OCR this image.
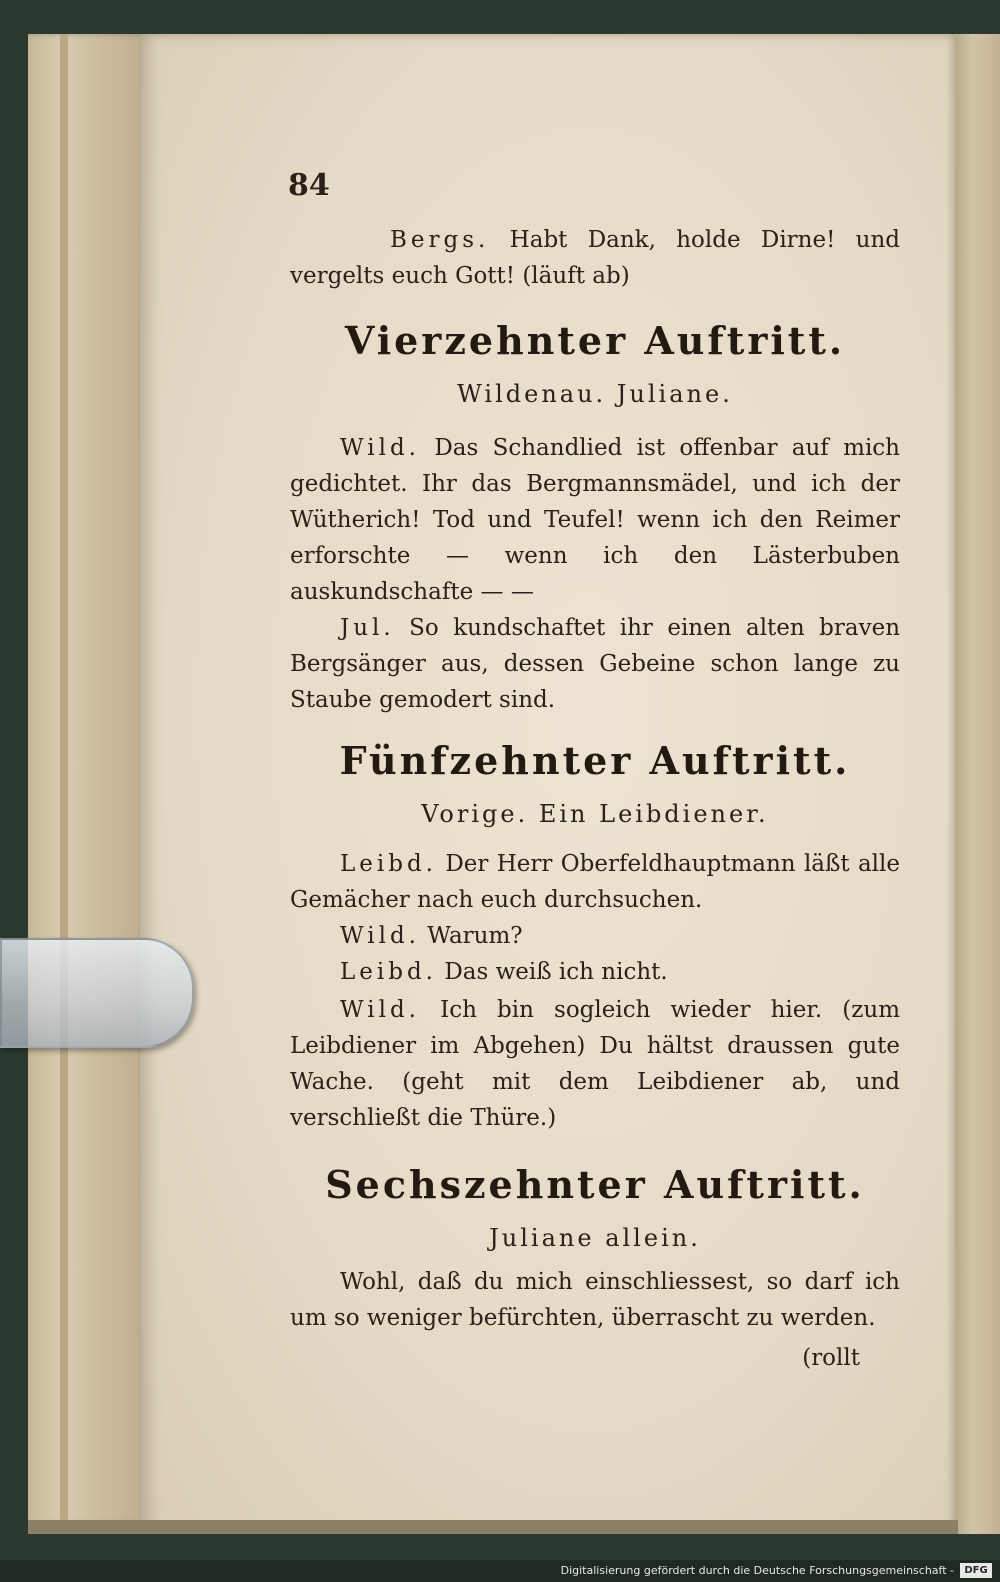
84
Bergs. Habt Dank, holde Dirne! und vergelts euch Gott! (läuft ab)
Vierzehnter Auftritt.
Wildenau. Juliane.
Wild. Das Schandlied ist offenbar auf mich gedichtet. Ihr das Bergmannsmädel, und ich der Wütherich! Tod und Teufel! wenn ich den Reimer erforschte — wenn ich den Lästerbuben auskundschafte — —
Jul. So kundschaftet ihr einen alten braven Bergsänger aus, dessen Gebeine schon lange zu Staube gemodert sind.
Fünfzehnter Auftritt.
Vorige. Ein Leibdiener.
Leibd. Der Herr Oberfeldhauptmann läßt alle Gemächer nach euch durchsuchen.
Wild. Warum?
Leibd. Das weiß ich nicht.
Wild. Ich bin sogleich wieder hier. (zum Leibdiener im Abgehen) Du hältst draussen gute Wache. (geht mit dem Leibdiener ab, und verschließt die Thüre.)
Sechszehnter Auftritt.
Juliane allein.
Wohl, daß du mich einschliessest, so darf ich um so weniger befürchten, überrascht zu werden.
(rollt
Digitalisierung gefördert durch die Deutsche Forschungsgemeinschaft -	DFG
